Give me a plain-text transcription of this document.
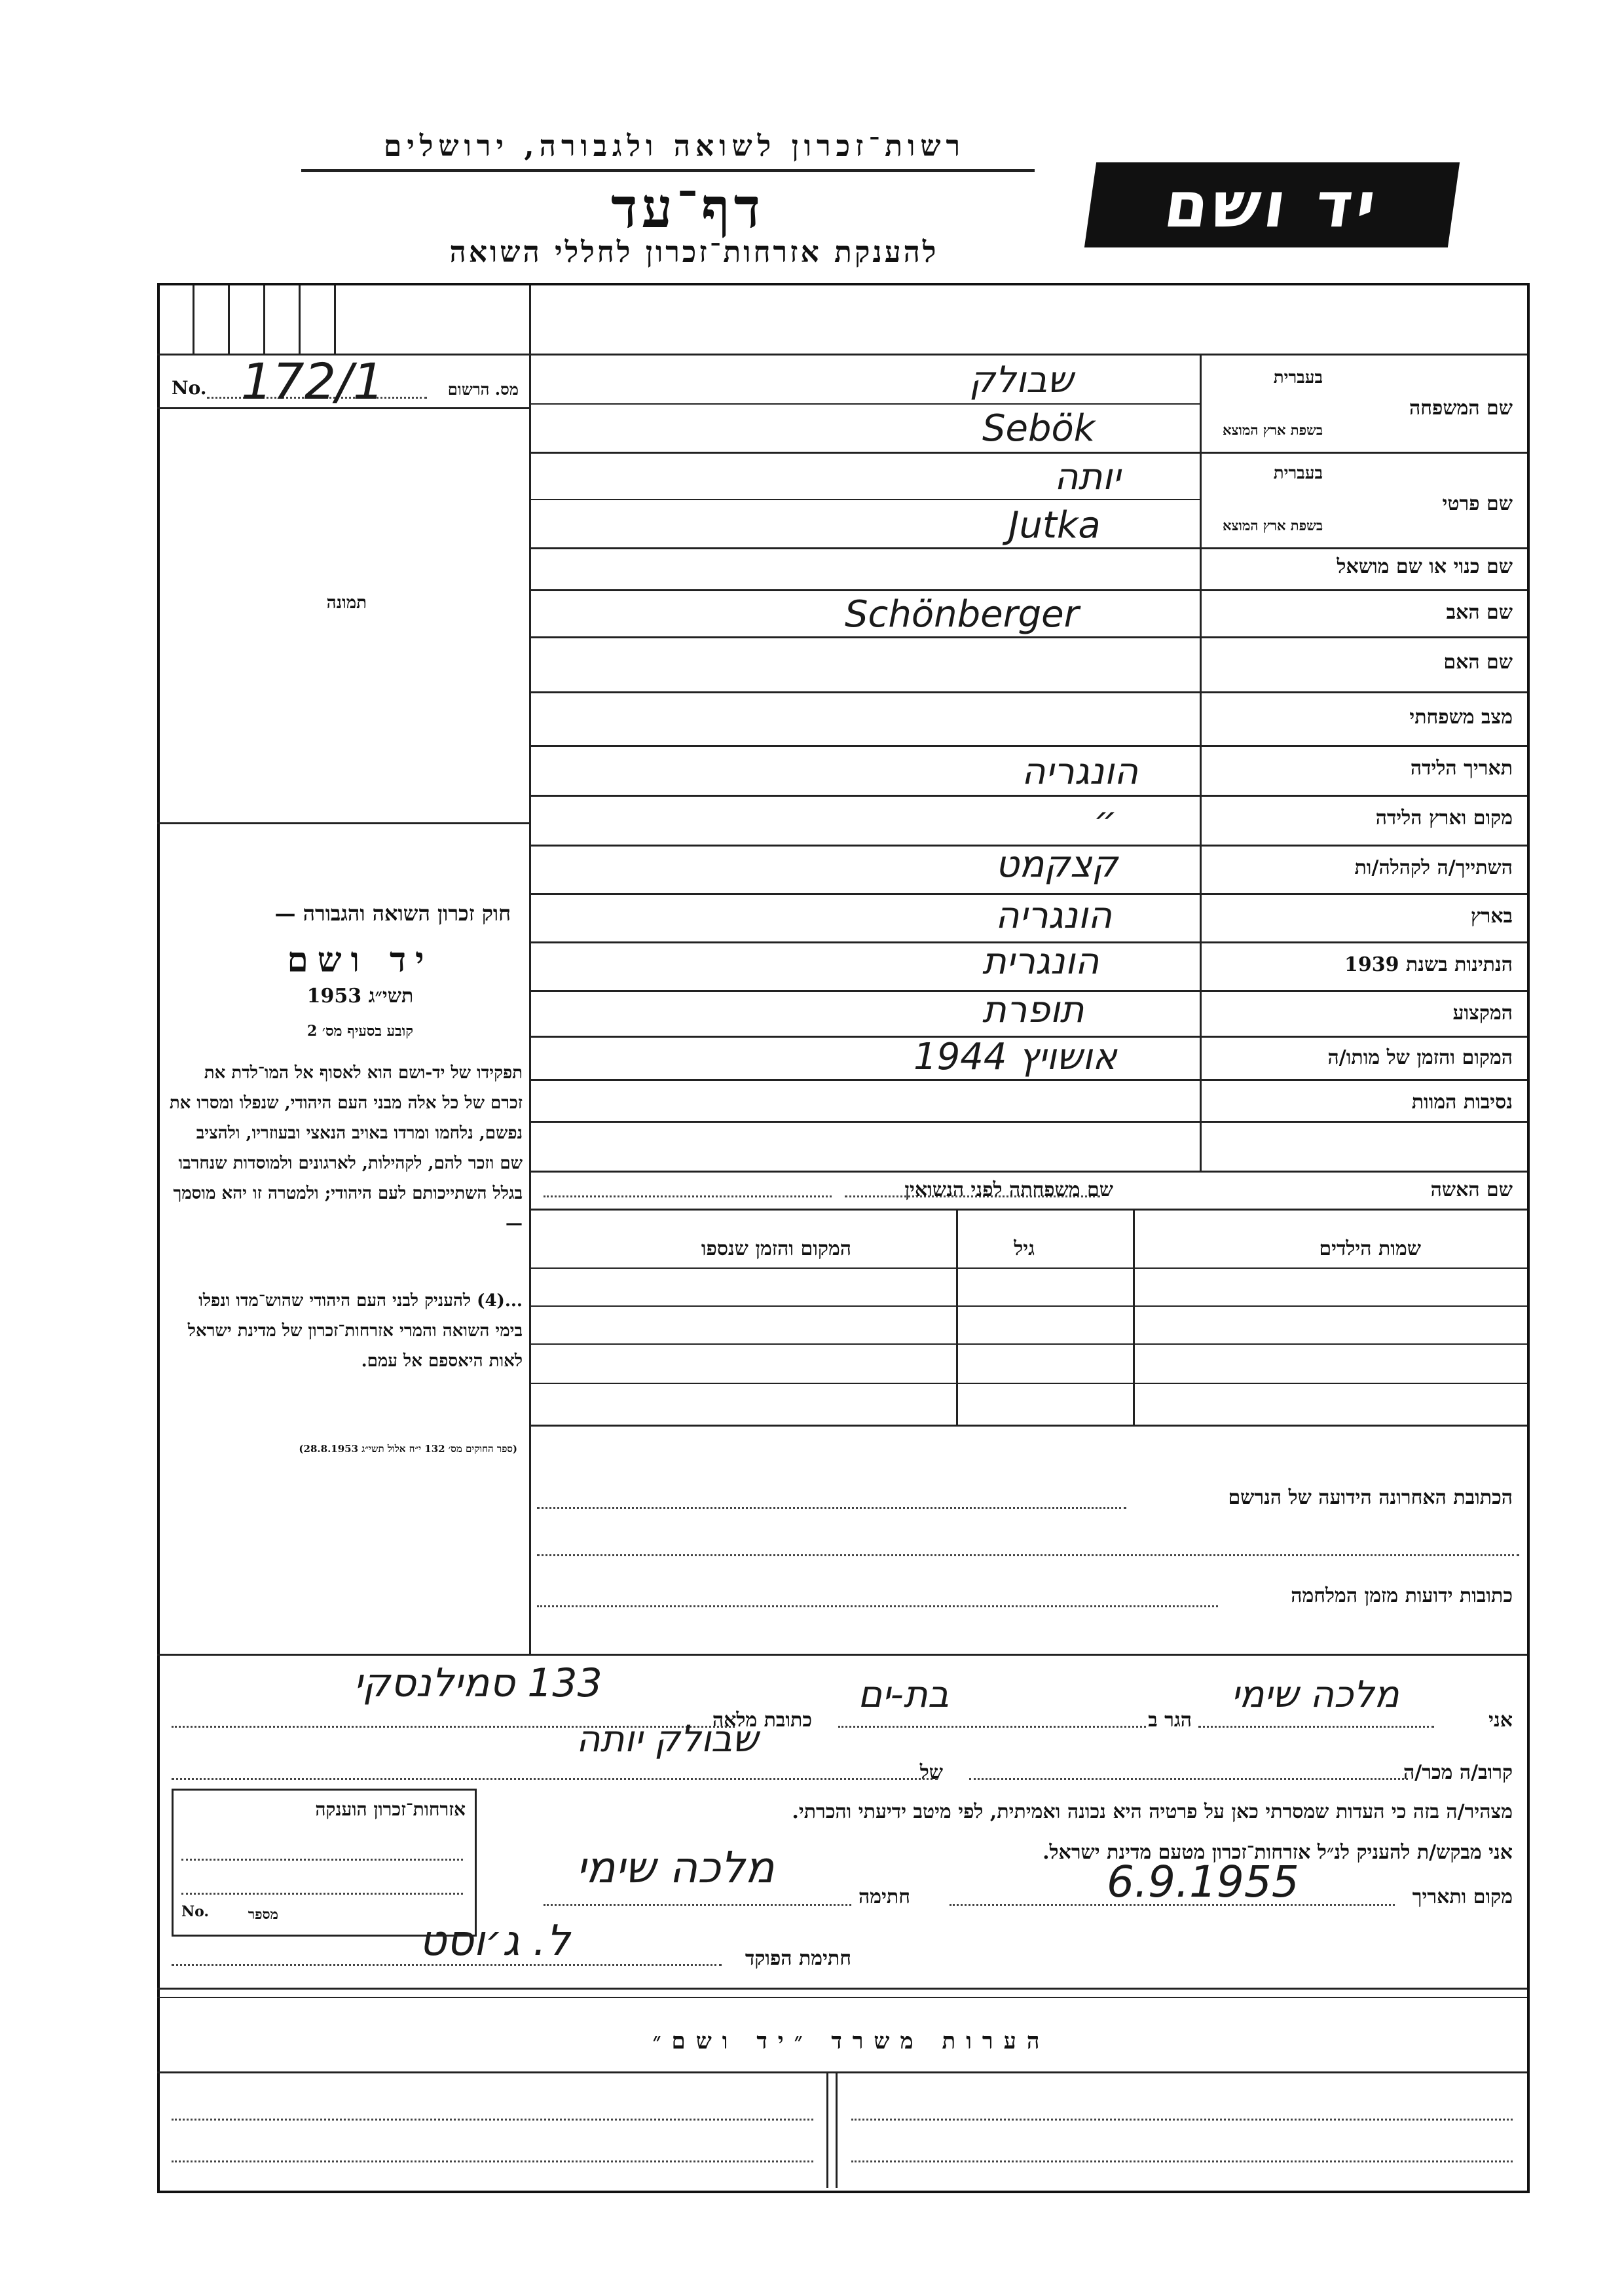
רשות־זכרון לשואה ולגבורה, ירושלים
דף־עד
להענקת אזרחות־זכרון לחללי השואה
יד ושם
מס. הרשום
No. 172/1
תמונה
שם המשפחה
בעברית
בשפת ארץ המוצא
שבולק
Sebök
שם פרטי
בעברית
בשפת ארץ המוצא
יותה
Jutka
שם כנוי או שם מושאל
שם האב
Schönberger
שם האם
מצב משפחתי
תאריך הלידה
הונגריה
מקום וארץ הלידה
״
השתייך/ה לקהלה/ות
קצקמט
בארץ
הונגריה
הנתינות בשנת 1939
הונגרית
המקצוע
תופרת
המקום והזמן של מותו/ה
אושויץ 1944
נסיבות המוות
חוק זכרון השואה והגבורה —
יד ושם
תשי״ג 1953
קובע בסעיף מס׳ 2
תפקידו של יד-ושם הוא לאסוף אל המו־לדת את זכרם של כל אלה מבני העם היהודי, שנפלו ומסרו את נפשם, נלחמו ומרדו באויב הנאצי ובעוזריו, ולהציב שם וזכר להם, לקהילות, לארגונים ולמוסדות שנחרבו בגלל השתייכותם לעם היהודי; ולמטרה זו יהא מוסמך —
...(4) להעניק לבני העם היהודי שהוש־מדו ונפלו בימי השואה והמרי אזרחות־זכרון של מדינת ישראל לאות היאספם אל עמם.
(ספר החוקים מס׳ 132 י״ח אלול תשי״ג 28.8.1953)
שם האשה
שם משפחתה לפני הנשואין
שמות הילדים
גיל
המקום והזמן שנספו
הכתובת האחרונה הידועה של הנרשם
כתובות ידועות מזמן המלחמה
אני
מלכה שימי
הגר ב
בת-ים
כתובת מלאה
133 סמילנסקי
קרוב/ה מכר/ה
של
שבולק יותה
מצהיר/ה בזה כי העדות שמסרתי כאן על פרטיה היא נכונה ואמיתית, לפי מיטב ידיעתי והכרתי.
אני מבקש/ת להעניק לנ״ל אזרחות־זכרון מטעם מדינת ישראל.
מקום ותאריך
6.9.1955
חתימה
מלכה שימי
חתימת הפוקד
ל. ג׳וסט
אזרחות־זכרון הוענקה
מספר
No.
הערות משרד ״יד ושם״
